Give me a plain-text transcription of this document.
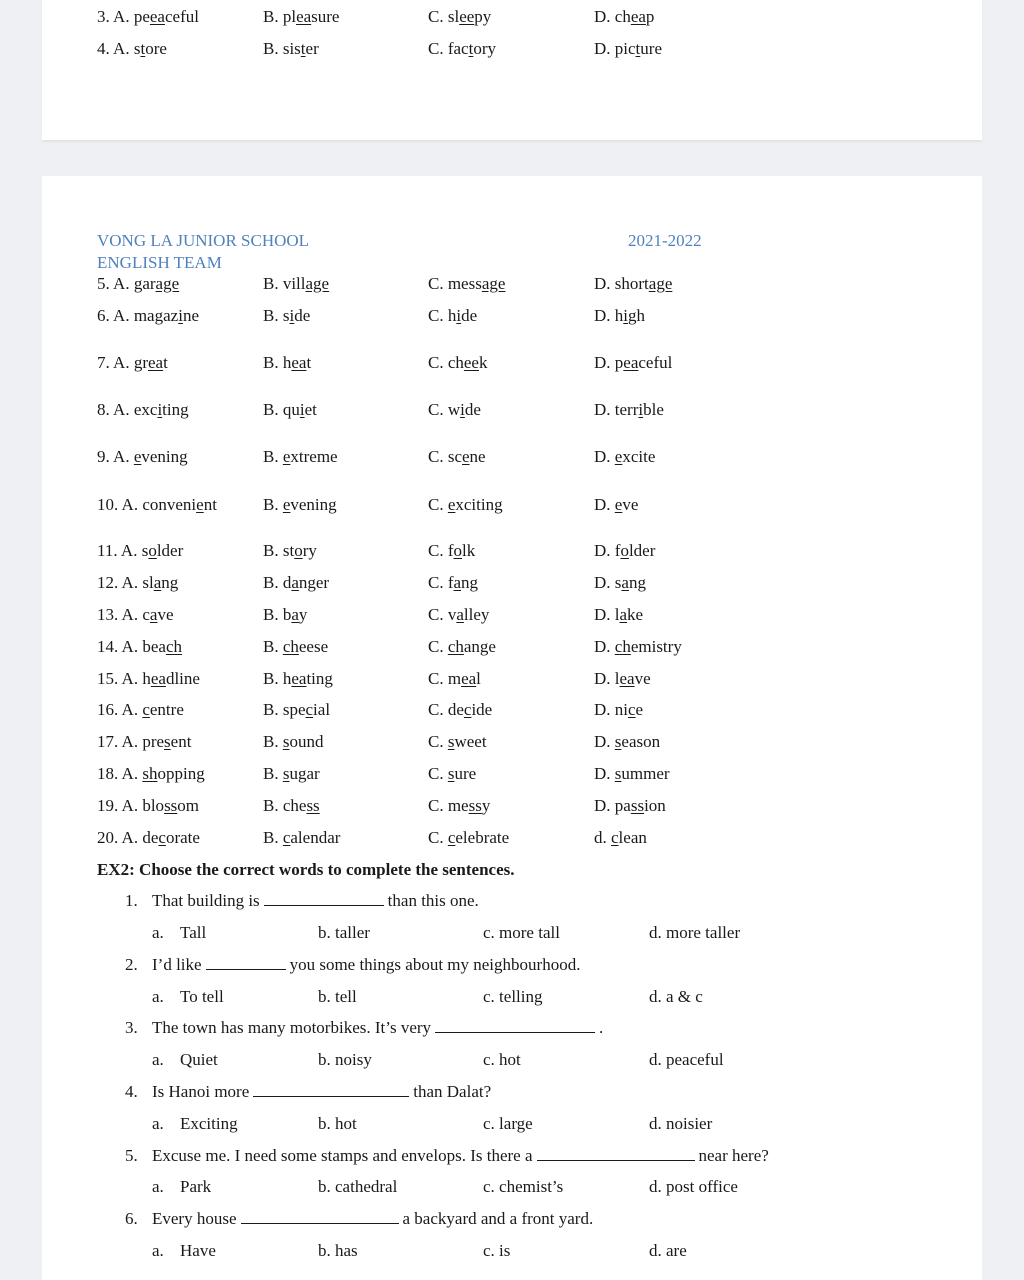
VONG LA JUNIOR SCHOOL
ENGLISH TEAM
2021-2022
3. A. peeaceful	B. pleasure	C. sleepy	D. cheap
4. A. store	B. sister	C. factory	D. picture
5. A. garage	B. village	C. message	D. shortage
6. A. magazine	B. side	C. hide	D. high
7. A. great	B. heat	C. cheek	D. peaceful
8. A. exciting	B. quiet	C. wide	D. terrible
9. A. evening	B. extreme	C. scene	D. excite
10. A. convenient	B. evening	C. exciting	D. eve
11. A. solder	B. story	C. folk	D. folder
12. A. slang	B. danger	C. fang	D. sang
13. A. cave	B. bay	C. valley	D. lake
14. A. beach	B. cheese	C. change	D. chemistry
15. A. headline	B. heating	C. meal	D. leave
16. A. centre	B. special	C. decide	D. nice
17. A. present	B. sound	C. sweet	D. season
18. A. shopping	B. sugar	C. sure	D. summer
19. A. blossom	B. chess	C. messy	D. passion
20. A. decorate	B. calendar	C. celebrate	d. clean
EX2: Choose the correct words to complete the sentences.
1. That building is	than this one.
a. Tall	b. taller	c. more tall	d. more taller
2. I’d like	you some things about my neighbourhood.
a. To tell	b. tell	c. telling	d. a & c
3. The town has many motorbikes. It’s very	.
a. Quiet	b. noisy	c. hot	d. peaceful
4. Is Hanoi more	than Dalat?
a. Exciting	b. hot	c. large	d. noisier
5. Excuse me. I need some stamps and envelops. Is there a	near here?
a. Park	b. cathedral	c. chemist’s	d. post office
6. Every house	a backyard and a front yard.
a. Have	b. has	c. is	d. are
